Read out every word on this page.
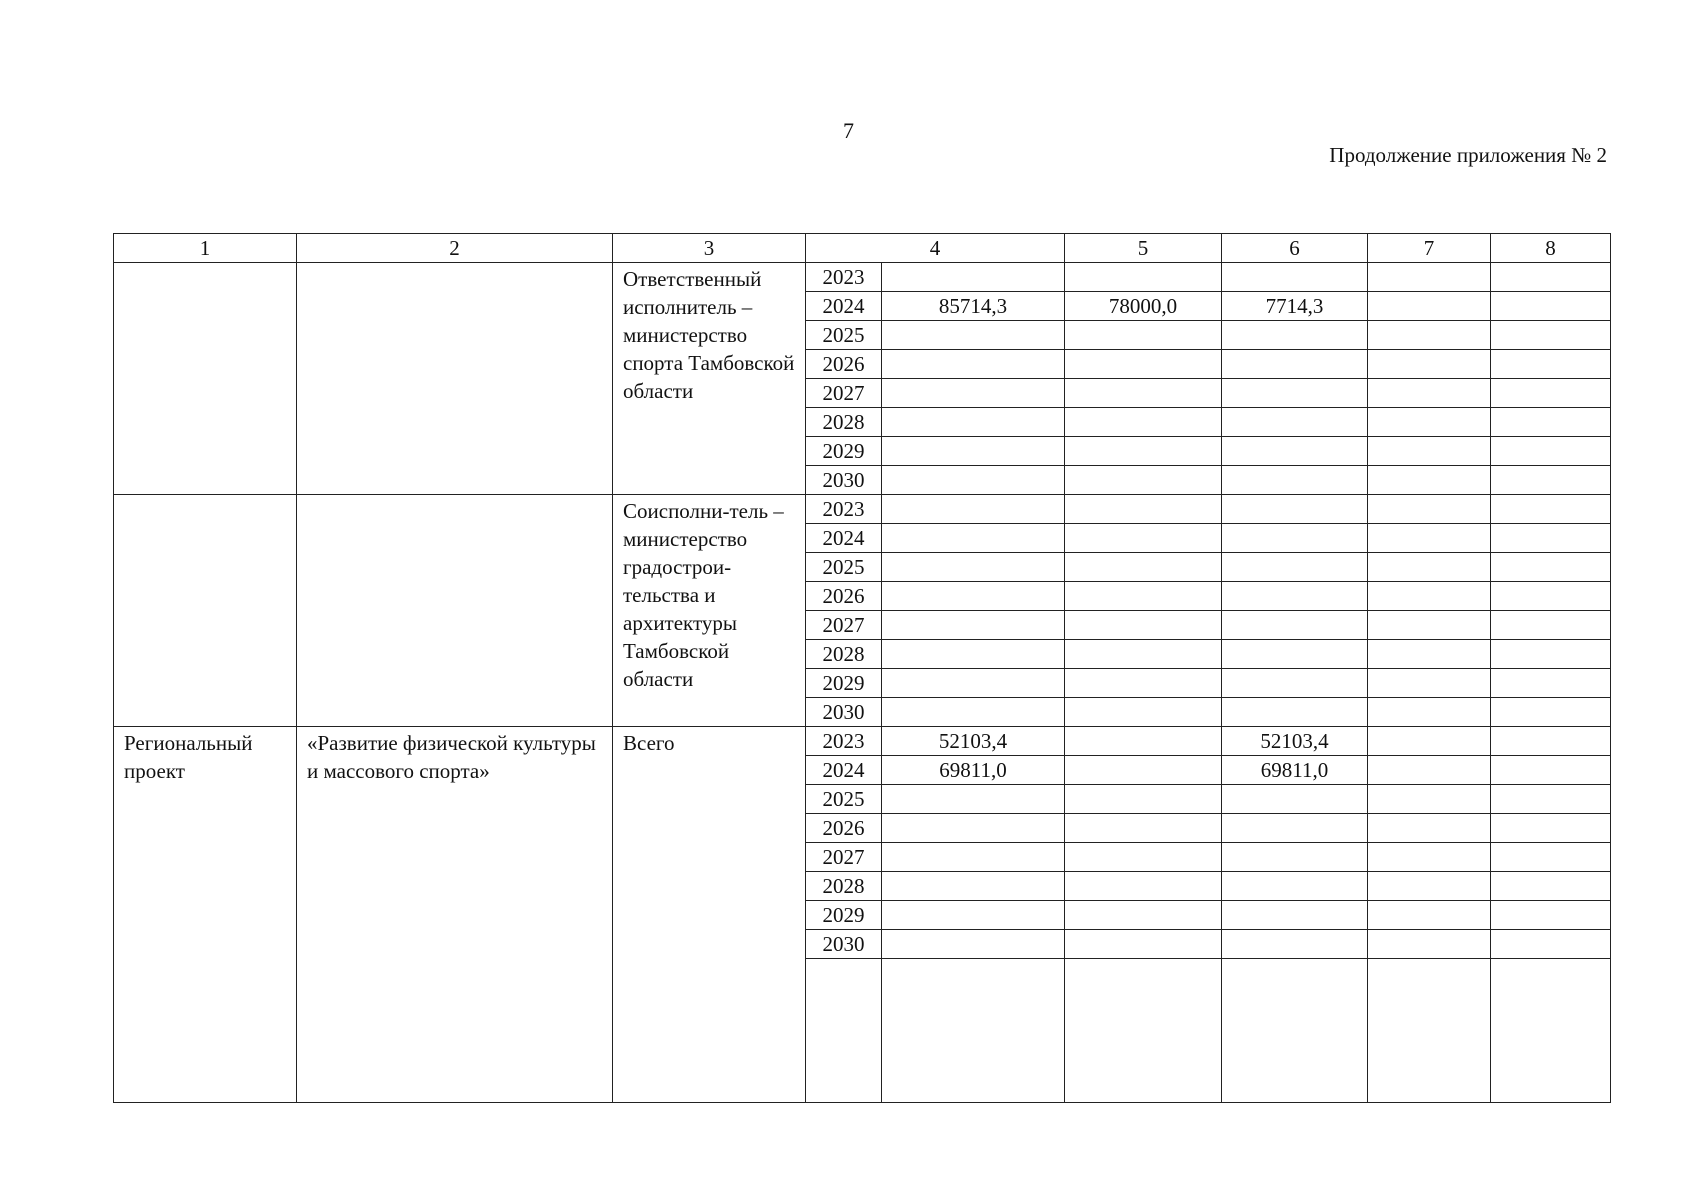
7
Продолжение приложения № 2
1	2	3	4		5	6	7	8
		Ответственный исполнитель – министерство спорта Тамбовской области	2023					
			2024	85714,3	78000,0	7714,3		
			2025					
			2026					
			2027					
			2028					
			2029					
			2030					
		Соисполни-тель – министерство градострои-тельства и архитектуры Тамбовской области	2023					
			2024					
			2025					
			2026					
			2027					
			2028					
			2029					
			2030					
Региональный проект	«Развитие физической культуры и массового спорта»	Всего	2023	52103,4		52103,4		
			2024	69811,0		69811,0		
			2025					
			2026					
			2027					
			2028					
			2029					
			2030					
